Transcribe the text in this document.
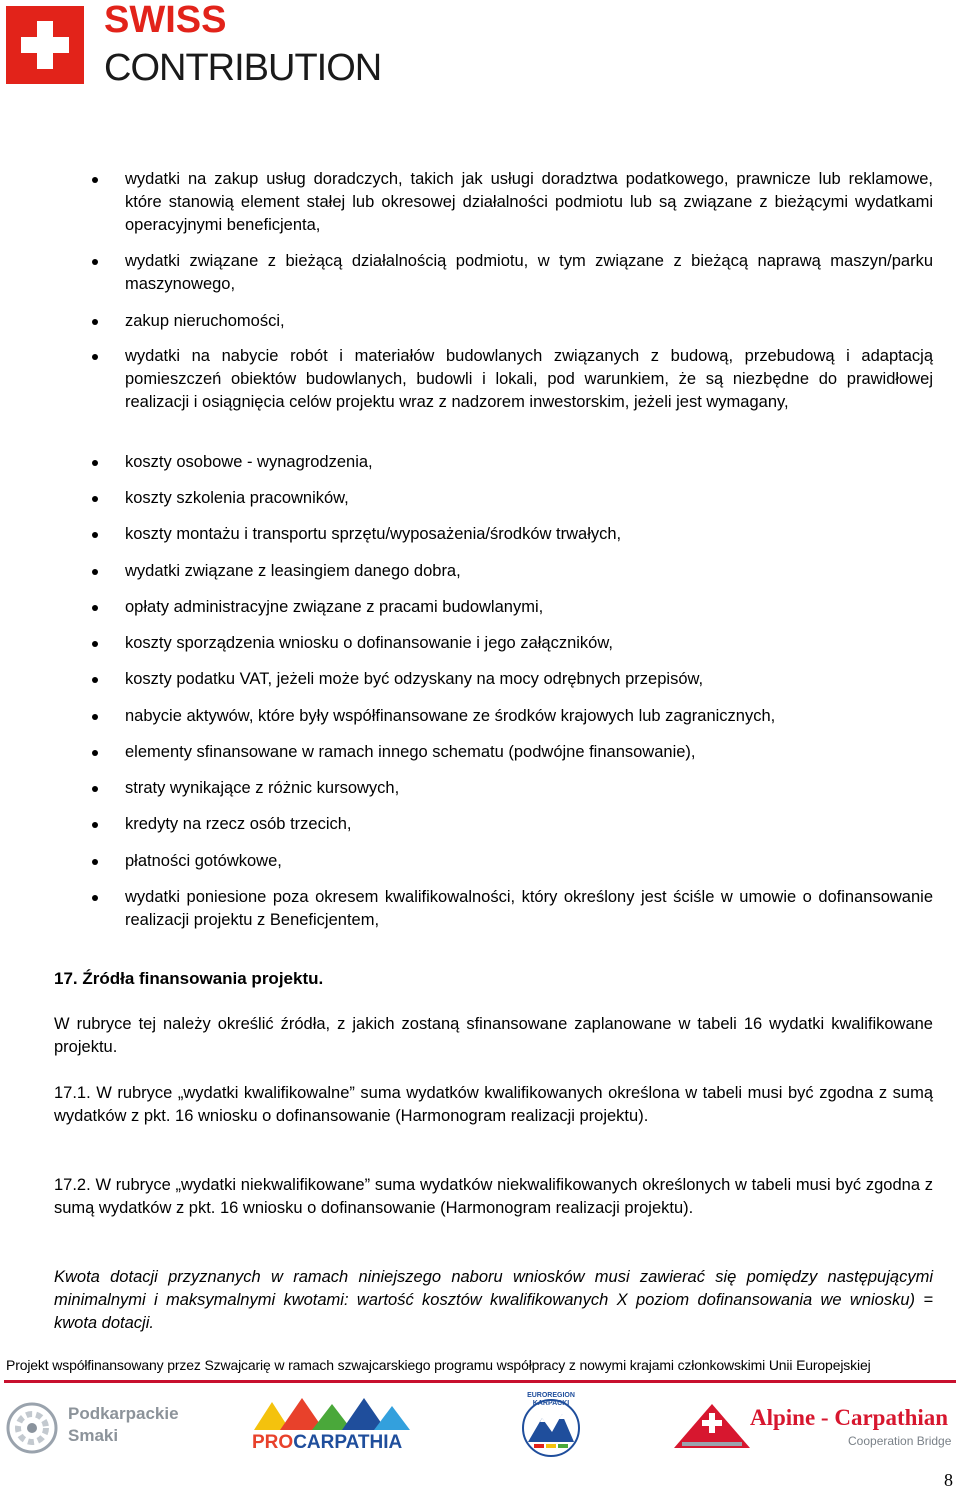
SWISS
CONTRIBUTION
wydatki na zakup usług doradczych, takich jak usługi doradztwa podatkowego, prawnicze lub reklamowe, które stanowią element stałej lub okresowej działalności podmiotu lub są związane z bieżącymi wydatkami operacyjnymi beneficjenta,
wydatki związane z bieżącą działalnością podmiotu, w tym związane z bieżącą naprawą maszyn/parku maszynowego,
zakup nieruchomości,
wydatki na nabycie robót i materiałów budowlanych związanych z budową, przebudową i adaptacją pomieszczeń obiektów budowlanych, budowli i lokali, pod warunkiem, że są niezbędne do prawidłowej realizacji i osiągnięcia celów projektu wraz z nadzorem inwestorskim, jeżeli jest wymagany,
koszty osobowe - wynagrodzenia,
koszty szkolenia pracowników,
koszty montażu i transportu sprzętu/wyposażenia/środków trwałych,
wydatki związane z leasingiem danego dobra,
opłaty administracyjne związane z pracami budowlanymi,
koszty sporządzenia wniosku o dofinansowanie i jego załączników,
koszty podatku VAT, jeżeli może być odzyskany na mocy odrębnych przepisów,
nabycie aktywów, które były współfinansowane ze środków krajowych lub zagranicznych,
elementy sfinansowane w ramach innego schematu (podwójne finansowanie),
straty wynikające z różnic kursowych,
kredyty na rzecz osób trzecich,
płatności gotówkowe,
wydatki poniesione poza okresem kwalifikowalności, który określony jest ściśle w umowie o dofinansowanie realizacji projektu z Beneficjentem,
17. Źródła finansowania projektu.
W rubryce tej należy określić źródła, z jakich zostaną sfinansowane zaplanowane w tabeli 16 wydatki kwalifikowane projektu.
17.1. W rubryce „wydatki kwalifikowalne” suma wydatków kwalifikowanych określona w tabeli musi być zgodna z sumą wydatków z pkt. 16 wniosku o dofinansowanie (Harmonogram realizacji projektu).
17.2. W rubryce „wydatki niekwalifikowane” suma wydatków niekwalifikowanych określonych w tabeli musi być zgodna z sumą wydatków z pkt. 16 wniosku o dofinansowanie (Harmonogram realizacji projektu).
Kwota dotacji przyznanych w ramach niniejszego naboru wniosków musi zawierać się pomiędzy następującymi minimalnymi i maksymalnymi kwotami: wartość kosztów kwalifikowanych X poziom dofinansowania we wniosku) = kwota dotacji.
Projekt współfinansowany przez Szwajcarię w ramach szwajcarskiego programu współpracy z nowymi krajami członkowskimi Unii Europejskiej
Podkarpackie
Smaki	PROCARPATHIA
EUROREGION KARPACKI
Alpine - Carpathian
Cooperation Bridge
8
